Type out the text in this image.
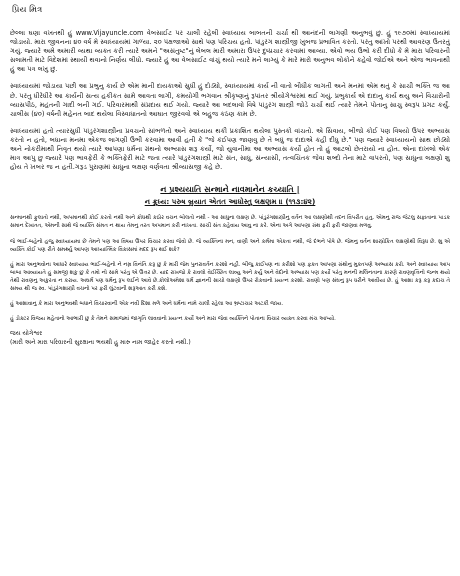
પ્રિય મિત્ર

છેલ્લા ઘણા વખતથી હું www.Vijayuncle.com વેબસાઈટ પર ચાલી રહેલી સ્વાધ્યાય બાબતની ચર્ચા થી આનંદની લાગણી અનુભવું છું. હું ૧૯૭૦માં સ્વાધ્યાયમાં જોડાયો. મારા જીવનના ૪૦ વર્ષ મે સ્વાધ્યાયમાં ગાળ્યા. ૨૦ પંક્ષજાઓ સાથે પણ પરિચય હતો. પાંડુરંગ શાસ્ત્રીજી ખુબજ પ્રભાવિત કરતો. પરંતુ આંખો પરથી આવરણ ઉતરતું ગયું. જ્યારે અમે અમારી વ્યથા વ્યક્ત કરી ત્યારે અમને "અસંતુષ્ટ"નું લેબલ મારી અમારા ઉપર દુષ્પ્રચાર કરવામાં આવ્યા. એવો ભય ઉભો કરી દીધો કે મે મારા પરિવારની સલામતી માટે વિદેશમાં સ્થાયી થવાનો નિર્ણય લીધો. જ્યારે હું આ વેબસાઈટ વાંચું થયો ત્યારે મને લાગ્યું કે મારે મારો અનુભવ લોકોને કહેવો જોઈએ અને એજ ભાવનાથી હું આ પત્ર લખુ છું.

સ્વાધ્યાયમાં જોડાયા પછી આ પ્રભુનુ કાર્ય છે એમ માની દાયકાઓ સુધી હું દોડ્યો, સ્વાધ્યાયમાં કાર્ય ની વાતો બૌધીક લાગતી અને મનમાં એમ થતું કે સાચી ભક્તિ જ આ છે. પરંતુ ધીરેધીરે આ કાર્યની સત્ય હકીકત સામે આવતા લાગી, કમયોગી ભગવાન શ્રીકૃષ્ણનું રૂપાંતર શ્રીયોગેશ્વરમાં થઈ ગયું. પ્રભુકાર્ય એ દાદાનુ કાર્ય થયુ અને વિચારોની વ્યાસપીઠ, મહંતની ગાદી બની ગઈ. પરિવારમાથી સંપ્રદાય થઈ ગયો. જ્યારે આ બદલાવો વિષે પાંડુરંગ શાસ્ત્રી જોડે ચર્ચા થઈ ત્યારે તેમને પોતાનુ સાચુ સ્વરૂપ પ્રગટ કર્યું. ચાલીસ (૪૦) વર્ષની મહેનત બાદ થયેલા વિસ્વાધાતનો આઘાત જીરવવો એ બહુજ કઠણ કામ છે.

સ્વાધ્યાયમાં હતો ત્યારસુધી પાંડુરંગશાસ્ત્રીના પ્રવચનો સાંભળતો અને સ્વાધ્યાય થકી પ્રકાશિત થયેલા પુસ્તકો વાંચતો. એ સિવાય, બીજો કોઈ પણ વિષયો ઉપર અભ્યાસ કરતો ન હતો, બધાના મનમા એકજ લાગણી ઉભી કરવામા આવી હતી કે "જે કંઈપણ જાણવુ છે તે બધું જ દાદાએ કહી દીધુ છે." પણ જ્યારે સ્વાધ્યાયનો સાથ છોડ્યો અને નોકરીમાથી નિવૃત થયો ત્યારે આપણા ધર્મના ગ્રંથનો અભ્યાસ શરૂ કર્યો, જો યુવાનીમા આ અભ્યાસ કર્યો હોત તો હું આટલો છેતરાયો ના હોત. એના દાખલો એક માત્ર આપુ છુ જ્યારે પણ ભાવફેરી કે ભક્તિફેરી માટે જતા ત્યારે પાંડુરંગશાસ્ત્રી માટે સંત, સાધુ, સંન્યાસી, તત્વચિંતક જેવા શબ્દો તેના માટે વાપરતો, પણ સાધુના લક્ષણો શુ હોય તે ખબર જ ન હતી.ગરૂડ પુરાણમાં સાધુના લક્ષણ વર્ણવતા શ્રીવ્યાસજી કહે છે.

ન પ્રશ્યયાતિ સન્માને નાવમાનેન કચ્યાતિ |
ન ક્રુધ્ય: પરુષ બ્રુયાત એતત આધોસ્તુ લક્ષણમ ॥ (૧૧૩:૪૨)

સન્માનથી ફુલાતો નથી, અપમાનથી કોઈ કરતો નથી અને ક્રોધથી કઠોર વચન બોલતો નથી - આ સાધુના લક્ષણ છે. પાંડુરંગશાસ્ત્રીનુ વર્તન આ લક્ષણોથી તદન વિપરીત હતુ. એમનુ રાજ જેટલુ સફાતાના પાડક સમાન દેખાતત, એમની સાથે જે વ્યક્તિ સંમત ન થાય તેમનુ તરત અપમાન કરી નાખતા. સાચી સંત કહેવાય આવુ ના કરે. એના અગે આપણા ગ્રંથ ફરી ફરી જાણવા મળવુ.

જે ભાઈ-બહેનો હજુ સ્વાધ્યાયમા છે તેમને પણ આ વિષય ઉપર વિચાર કરવા જેવો છે. જે વ્યક્તિના મન, વાણી અને કર્મમા એકતા નથી, જે દંભને પોષે છે. જેમનુ વર્તન શાસ્ત્રોકિત લક્ષણોથી વિરૂધ છે. શુ એ વ્યક્તિ કોઈ પણ રીતે સમર્થ્યુ આપણ આધ્યાત્મિક વિકાસમાં મદદ રૂપ થઈ શકે?

હું મારા અનુભવોના આધારે સ્વાધ્યાય ભાઈ-બહેનો ને નમ્ર વિનંતિ કરૂ છુ કે મારી જેમ પુનરાવર્તન કરશો નહી. બીજુ કાઈપણ ના કરીશો પણ ફક્ત આપણા ગ્રંથોનુ મુક્તપણે અભ્યાસ કરો. અને સ્વાધ્યાય આપ બાબા આવ્યાયતે હુ સમજી શકુ છુ કે તમો નો સામે પરંતુ એ ઉત્તર છે. યાદ રાખજો કે રાવલો વેઈચ્છિત લાવ્યુ અને કર્યુ અને વેદોનો અભ્યાસ પણ કર્યો પરંતુ મનની મલિનતાના કારણે રાવણવૃત્તિનો જન્મ થયો તેથી રાવણનુ અકુરતા ન કરાય. અઘર્મ પણ ધર્મનુ રૂપ લઈને આવે છે.કોલોઅમેશા ધર્મ જ્ઞાનની સાચો લક્ષણો ઉપર રોકવાનો પ્રયત્ન કરશો. રાવણો પણ સંઘનુ રૂપ ધરીને આવીયા છે. હું આશા કરૂ કરૂ કદાચ તે સમય થી જ સ્વ. પાંડુરંગશાસ્ત્રી વચનો પર ફરી લુંટવાની શરૂઆત કરી કશે.

હું આશાવાનુ કે મારા અનુભવથી બધાને વિચારવાની એક નવી દિશા મળે અને ધર્મના નામે ચાલી રહેલા આ ભ્રષ્ટાચાર અટકી જાય.

હું ડોક્ટર વિજય મહેતાનો આભારી છુ કે તેમને સમાજમાં જાગૃતિ લાવવાનો પ્રયત્ન કર્યો અને મારા જેવા વ્યક્તિને પોતાના વિચાર વ્યક્ત કરવા મંચ આપ્યો.

જય યોગેશ્વર
(મારી અને મારા પરિવારની સુરક્ષાના ભયથી હુ મારુ નામ જાહેર કરતો નથી.)
